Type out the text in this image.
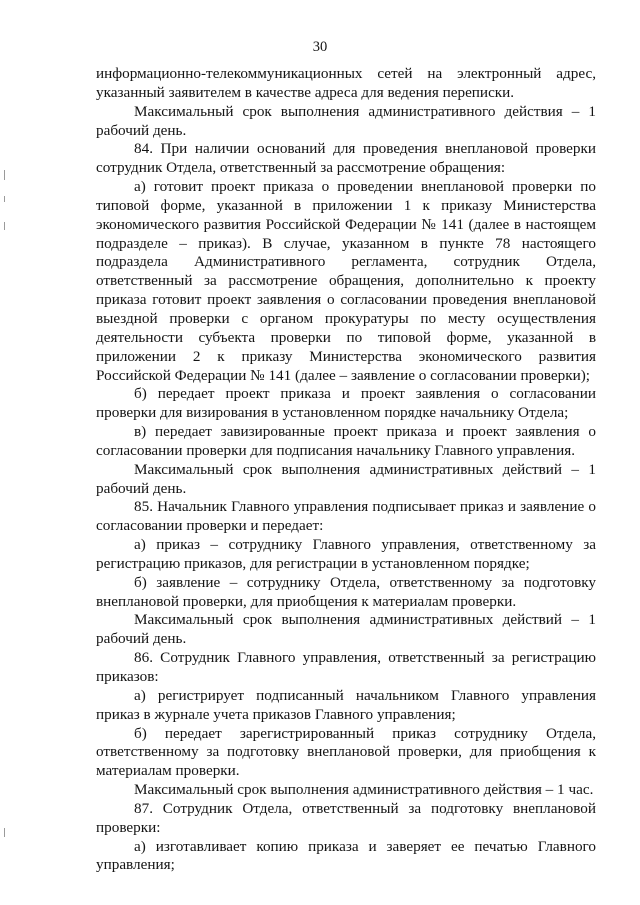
30

информационно-телекоммуникационных сетей на электронный адрес, указанный заявителем в качестве адреса для ведения переписки.

Максимальный срок выполнения административного действия – 1 рабочий день.

84. При наличии оснований для проведения внеплановой проверки сотрудник Отдела, ответственный за рассмотрение обращения:

а) готовит проект приказа о проведении внеплановой проверки по типовой форме, указанной в приложении 1 к приказу Министерства экономического развития Российской Федерации № 141 (далее в настоящем подразделе – приказ). В случае, указанном в пункте 78 настоящего подраздела Административного регламента, сотрудник Отдела, ответственный за рассмотрение обращения, дополнительно к проекту приказа готовит проект заявления о согласовании проведения внеплановой выездной проверки с органом прокуратуры по месту осуществления деятельности субъекта проверки по типовой форме, указанной в приложении 2 к приказу Министерства экономического развития Российской Федерации № 141 (далее – заявление о согласовании проверки);

б) передает проект приказа и проект заявления о согласовании проверки для визирования в установленном порядке начальнику Отдела;

в) передает завизированные проект приказа и проект заявления о согласовании проверки для подписания начальнику Главного управления.

Максимальный срок выполнения административных действий – 1 рабочий день.

85. Начальник Главного управления подписывает приказ и заявление о согласовании проверки и передает:

а) приказ – сотруднику Главного управления, ответственному за регистрацию приказов, для регистрации в установленном порядке;

б) заявление – сотруднику Отдела, ответственному за подготовку внеплановой проверки, для приобщения к материалам проверки.

Максимальный срок выполнения административных действий – 1 рабочий день.

86. Сотрудник Главного управления, ответственный за регистрацию приказов:

а) регистрирует подписанный начальником Главного управления приказ в журнале учета приказов Главного управления;

б) передает зарегистрированный приказ сотруднику Отдела, ответственному за подготовку внеплановой проверки, для приобщения к материалам проверки.

Максимальный срок выполнения административного действия – 1 час.

87. Сотрудник Отдела, ответственный за подготовку внеплановой проверки:

а) изготавливает копию приказа и заверяет ее печатью Главного управления;
